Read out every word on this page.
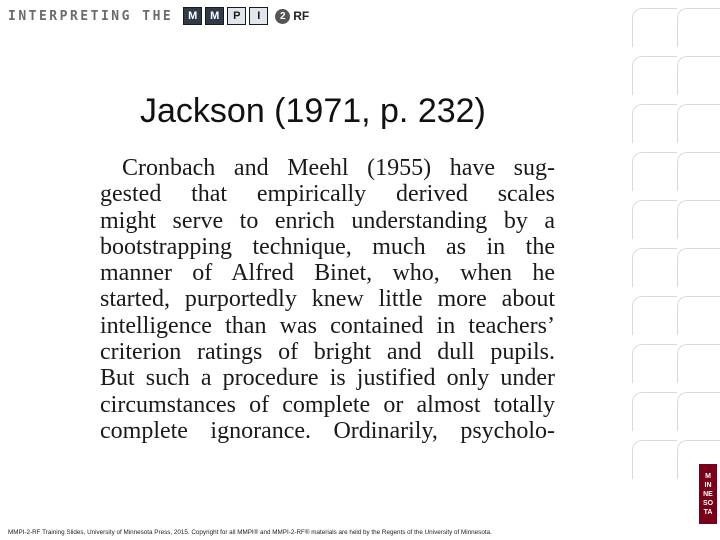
INTERPRETING THE	M	M	P	I	2 RF
Jackson (1971, p. 232)
Cronbach and Meehl (1955) have sug-
gested that empirically derived scales
might serve to enrich understanding by a
bootstrapping technique, much as in the
manner of Alfred Binet, who, when he
started, purportedly knew little more about
intelligence than was contained in teachers’
criterion ratings of bright and dull pupils.
But such a procedure is justified only under
circumstances of complete or almost totally
complete ignorance. Ordinarily, psycholo-
MMPI-2-RF Training Slides, University of Minnesota Press, 2015. Copyright for all MMPI® and MMPI-2-RF® materials are held by the Regents of the University of Minnesota.
M
IN
NE
SO
TA
